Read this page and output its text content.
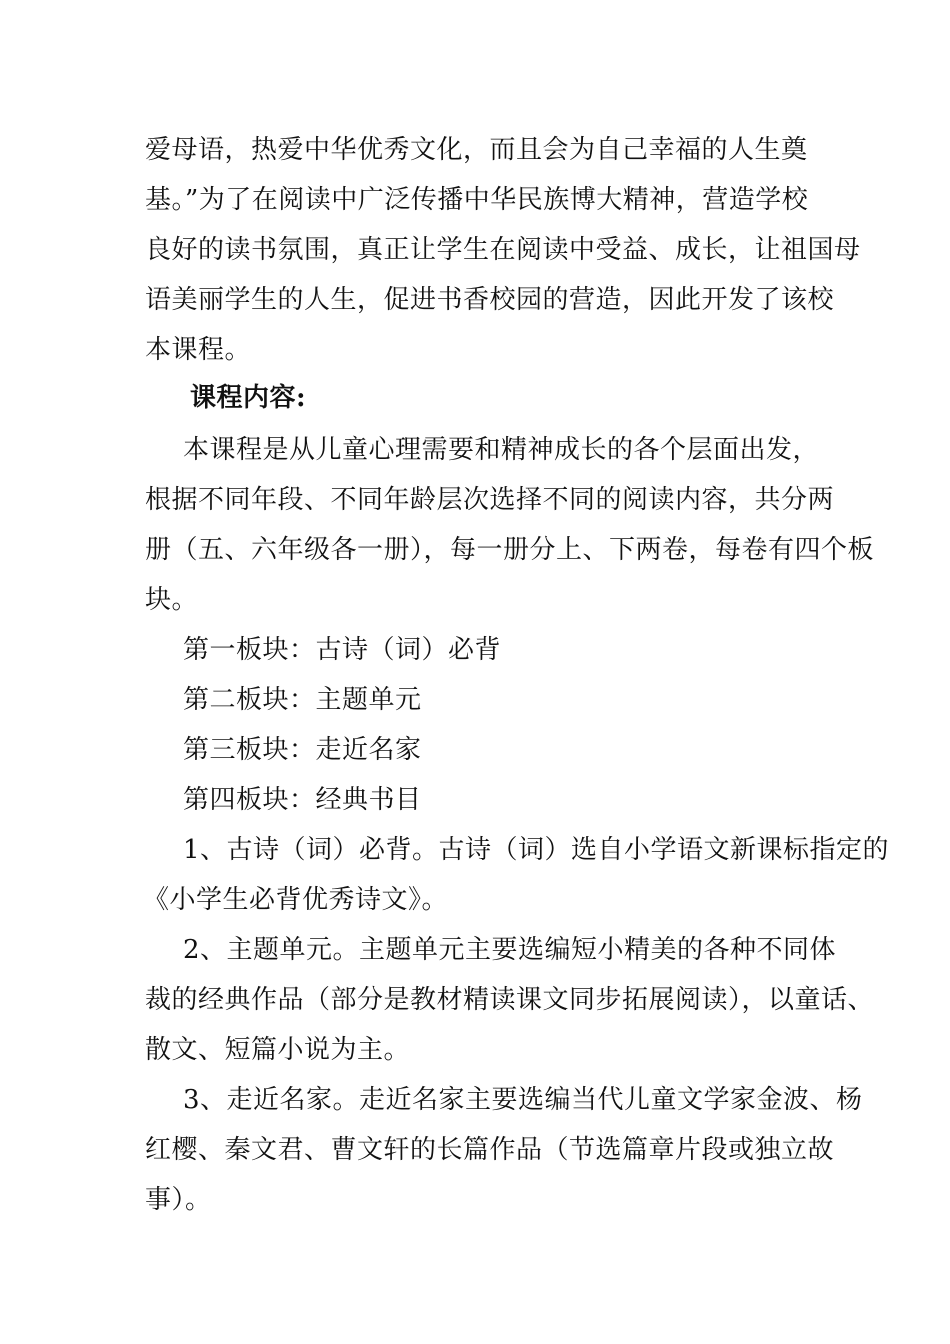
爱母语，热爱中华优秀文化，而且会为自己幸福的人生奠
基。”为了在阅读中广泛传播中华民族博大精神，营造学校
良好的读书氛围，真正让学生在阅读中受益、成长，让祖国母
语美丽学生的人生，促进书香校园的营造，因此开发了该校
本课程。
课程内容:
本课程是从儿童心理需要和精神成长的各个层面出发，
根据不同年段、不同年龄层次选择不同的阅读内容，共分两
册（五、六年级各一册），每一册分上、下两卷，每卷有四个板
块。
第一板块：古诗（词）必背
第二板块：主题单元
第三板块：走近名家
第四板块：经典书目
1、古诗（词）必背。古诗（词）选自小学语文新课标指定的
《小学生必背优秀诗文》。
2、主题单元。主题单元主要选编短小精美的各种不同体
裁的经典作品（部分是教材精读课文同步拓展阅读），以童话、
散文、短篇小说为主。
3、走近名家。走近名家主要选编当代儿童文学家金波、杨
红樱、秦文君、曹文轩的长篇作品（节选篇章片段或独立故
事）。
